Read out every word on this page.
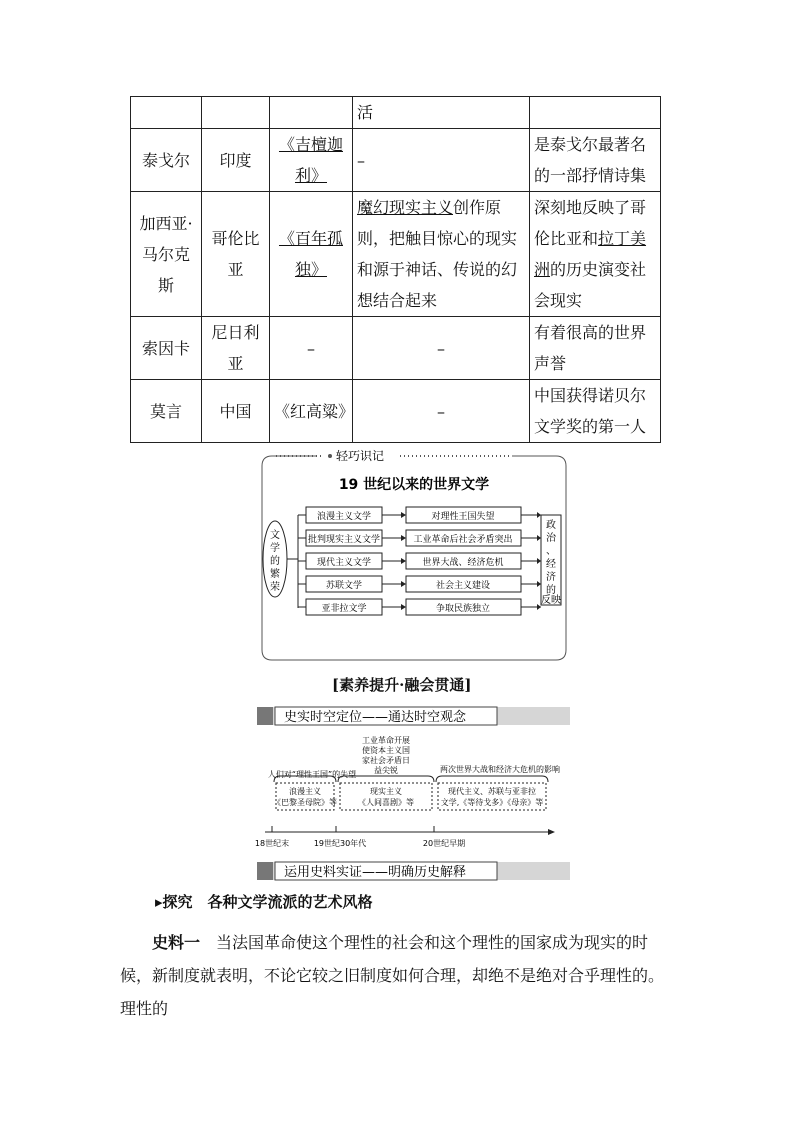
			活	
泰戈尔	印度	《吉檀迦利》	–	是泰戈尔最著名的一部抒情诗集
加西亚·马尔克斯	哥伦比亚	《百年孤独》	魔幻现实主义创作原则，把触目惊心的现实和源于神话、传说的幻想结合起来	深刻地反映了哥伦比亚和拉丁美洲的历史演变社会现实
索因卡	尼日利亚	–	–	有着很高的世界声誉
莫言	中国	《红高粱》	–	中国获得诺贝尔文学奖的第一人
轻巧识记
19 世纪以来的世界文学
文学的繁荣
政治、经济的反映
浪漫主义文学	对理性王国失望
批判现实主义文学	工业革命后社会矛盾突出
现代主义文学	世界大战、经济危机
苏联文学	社会主义建设
亚非拉文学	争取民族独立
史实时空定位——通达时空观念
运用史料实证——明确历史解释
18世纪末	19世纪30年代	20世纪早期
人们对“理性王国”的失望
浪漫主义
《巴黎圣母院》等
工业革命开展
使资本主义国
家社会矛盾日
益尖锐
现实主义
《人间喜剧》等
两次世界大战和经济大危机的影响
现代主义、苏联与亚非拉
文学,《等待戈多》《母亲》等
[素养提升·融会贯通]
▸探究　各种文学流派的艺术风格
史料一　当法国革命使这个理性的社会和这个理性的国家成为现实的时候，新制度就表明，不论它较之旧制度如何合理，却绝不是绝对合乎理性的。理性的
